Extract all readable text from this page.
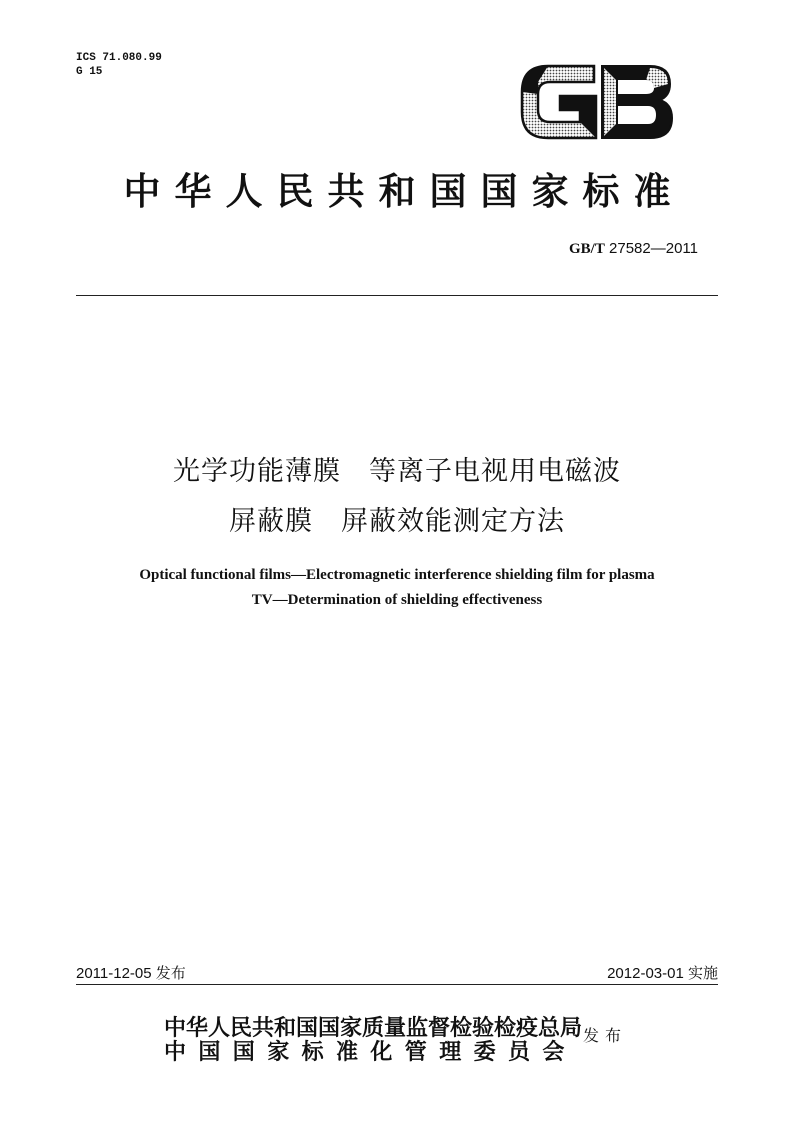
ICS 71.080.99
G 15
中华人民共和国国家标准
GB/T 27582—2011
光学功能薄膜　等离子电视用电磁波
屏蔽膜　屏蔽效能测定方法
Optical functional films—Electromagnetic interference shielding film for plasma
TV—Determination of shielding effectiveness
2011-12-05 发布	2012-03-01 实施
中华人民共和国国家质量监督检验检疫总局
中国国家标准化管理委员会
发布
